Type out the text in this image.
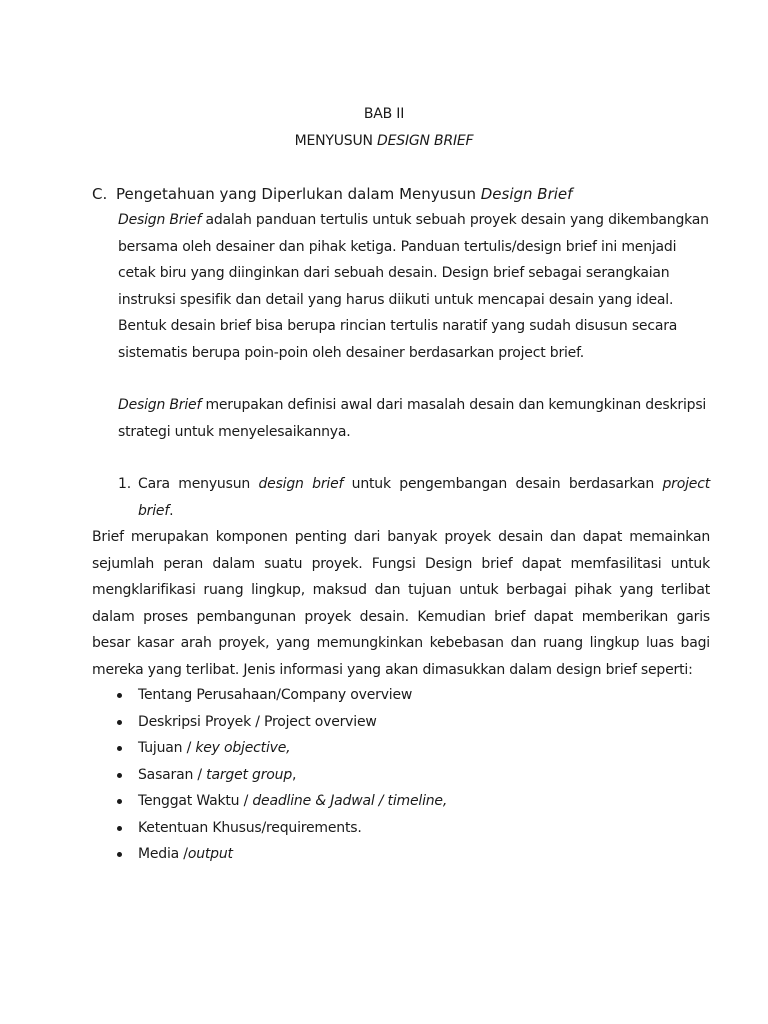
BAB II
MENYUSUN DESIGN BRIEF
C. Pengetahuan yang Diperlukan dalam Menyusun Design Brief

Design Brief adalah panduan tertulis untuk sebuah proyek desain yang dikembangkan bersama oleh desainer dan pihak ketiga. Panduan tertulis/design brief ini menjadi cetak biru yang diinginkan dari sebuah desain. Design brief sebagai serangkaian instruksi spesifik dan detail yang harus diikuti untuk mencapai desain yang ideal. Bentuk desain brief bisa berupa rincian tertulis naratif yang sudah disusun secara sistematis berupa poin-poin oleh desainer berdasarkan project brief.

Design Brief merupakan definisi awal dari masalah desain dan kemungkinan deskripsi strategi untuk menyelesaikannya.

1. Cara menyusun design brief untuk pengembangan desain berdasarkan project
brief.

Brief merupakan komponen penting dari banyak proyek desain dan dapat memainkan sejumlah peran dalam suatu proyek. Fungsi Design brief dapat memfasilitasi untuk mengklarifikasi ruang lingkup, maksud dan tujuan untuk berbagai pihak yang terlibat dalam proses pembangunan proyek desain. Kemudian brief dapat memberikan garis besar kasar arah proyek, yang memungkinkan kebebasan dan ruang lingkup luas bagi mereka yang terlibat. Jenis informasi yang akan dimasukkan dalam design brief seperti:

Tentang Perusahaan/Company overview
Deskripsi Proyek / Project overview
Tujuan / key objective,
Sasaran / target group,
Tenggat Waktu / deadline & Jadwal / timeline,
Ketentuan Khusus/requirements.
Media /output
